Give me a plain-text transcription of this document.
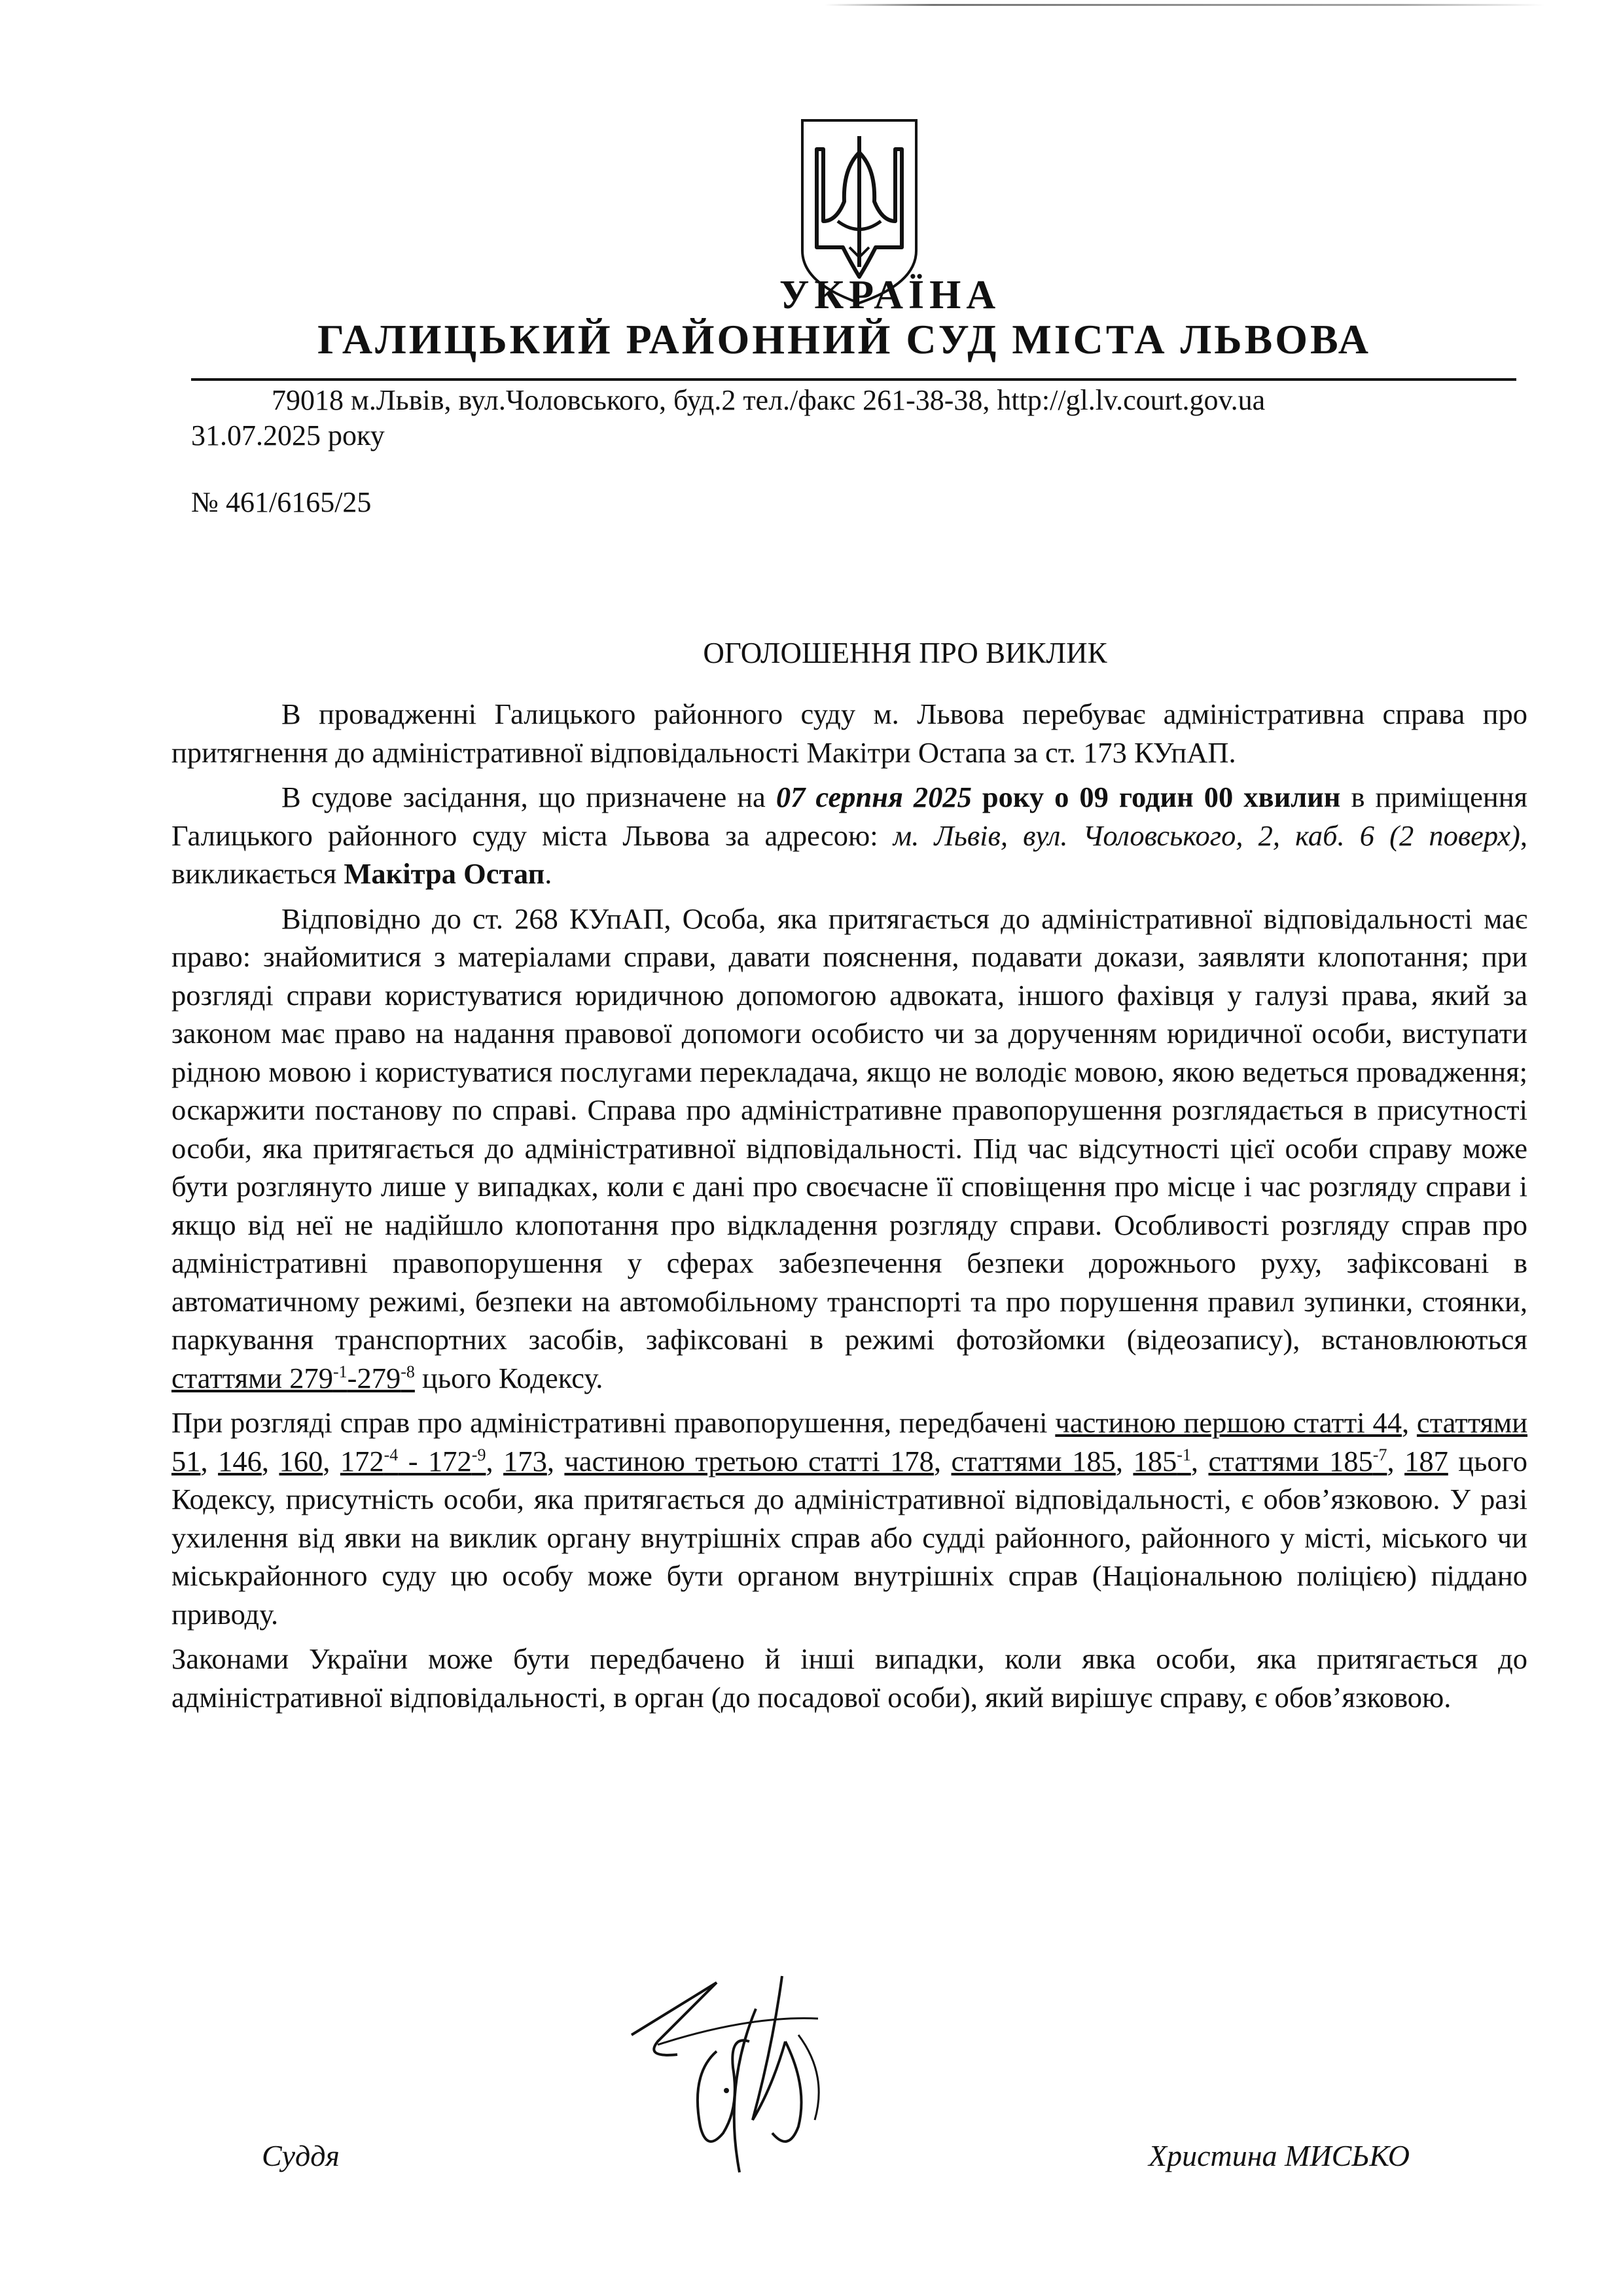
УКРАЇНА
ГАЛИЦЬКИЙ РАЙОННИЙ СУД МІСТА ЛЬВОВА
79018 м.Львів, вул.Чоловського, буд.2 тел./факс 261-38-38, http://gl.lv.court.gov.ua
31.07.2025 року
№ 461/6165/25
ОГОЛОШЕННЯ ПРО ВИКЛИК

В провадженні Галицького районного суду м. Львова перебуває адміністративна справа про притягнення до адміністративної відповідальності Макітри Остапа за ст. 173 КУпАП.

В судове засідання, що призначене на 07 серпня 2025 року о 09 годин 00 хвилин в приміщення Галицького районного суду міста Львова за адресою: м. Львів, вул. Чоловського, 2, каб. 6 (2 поверх), викликається Макітра Остап.

Відповідно до ст. 268 КУпАП, Особа, яка притягається до адміністративної відповідальності має право: знайомитися з матеріалами справи, давати пояснення, подавати докази, заявляти клопотання; при розгляді справи користуватися юридичною допомогою адвоката, іншого фахівця у галузі права, який за законом має право на надання правової допомоги особисто чи за дорученням юридичної особи, виступати рідною мовою і користуватися послугами перекладача, якщо не володіє мовою, якою ведеться провадження; оскаржити постанову по справі. Справа про адміністративне правопорушення розглядається в присутності особи, яка притягається до адміністративної відповідальності. Під час відсутності цієї особи справу може бути розглянуто лише у випадках, коли є дані про своєчасне її сповіщення про місце і час розгляду справи і якщо від неї не надійшло клопотання про відкладення розгляду справи. Особливості розгляду справ про адміністративні правопорушення у сферах забезпечення безпеки дорожнього руху, зафіксовані в автоматичному режимі, безпеки на автомобільному транспорті та про порушення правил зупинки, стоянки, паркування транспортних засобів, зафіксовані в режимі фотозйомки (відеозапису), встановлюються статтями $279^{-1}-279^{-8}$ цього Кодексу.

При розгляді справ про адміністративні правопорушення, передбачені частиною першою статті 44, статтями 51, 146, 160, $172^{-4} - 172^{-9}$, 173, частиною третьою статті 178, статтями 185, $185^{-1}$, статтями $185^{-7}$, 187 цього Кодексу, присутність особи, яка притягається до адміністративної відповідальності, є обов’язковою. У разі ухилення від явки на виклик органу внутрішніх справ або судді районного, районного у місті, міського чи міськрайонного суду цю особу може бути органом внутрішніх справ (Національною поліцією) піддано приводу.

Законами України може бути передбачено й інші випадки, коли явка особи, яка притягається до адміністративної відповідальності, в орган (до посадової особи), який вирішує справу, є обов’язковою.

Суддя	Христина МИСЬКО
